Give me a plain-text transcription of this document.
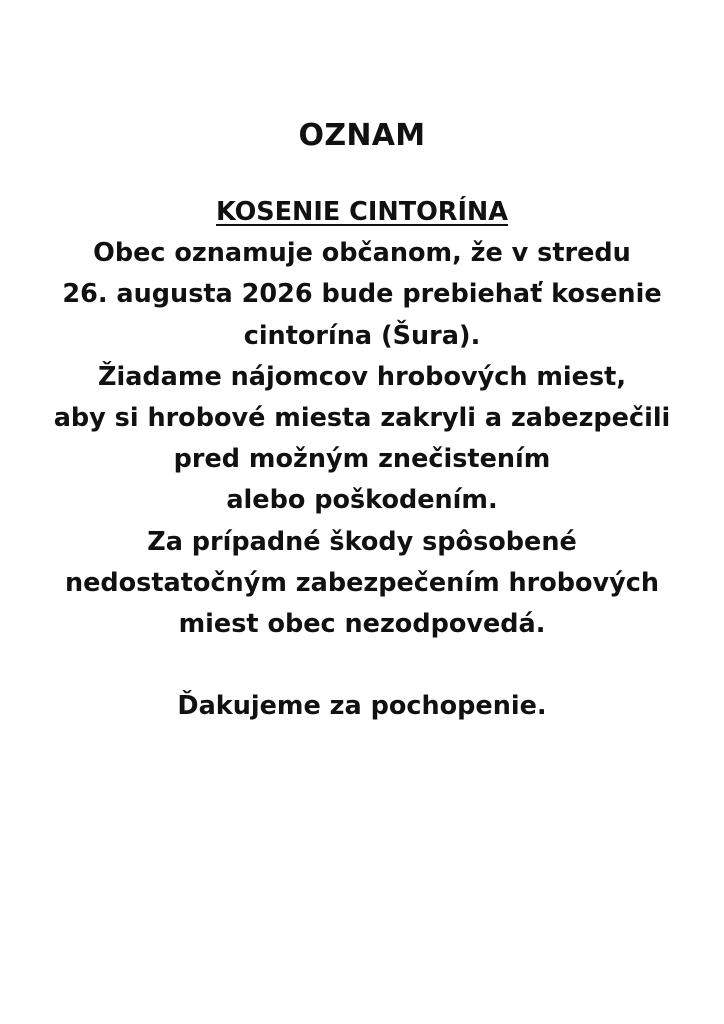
OZNAM
KOSENIE CINTORÍNA
Obec oznamuje občanom, že v stredu
26. augusta 2026 bude prebiehať kosenie
cintorína (Šura).
Žiadame nájomcov hrobových miest,
aby si hrobové miesta zakryli a zabezpečili
pred možným znečistením
alebo poškodením.
Za prípadné škody spôsobené
nedostatočným zabezpečením hrobových
miest obec nezodpovedá.
Ďakujeme za pochopenie.
